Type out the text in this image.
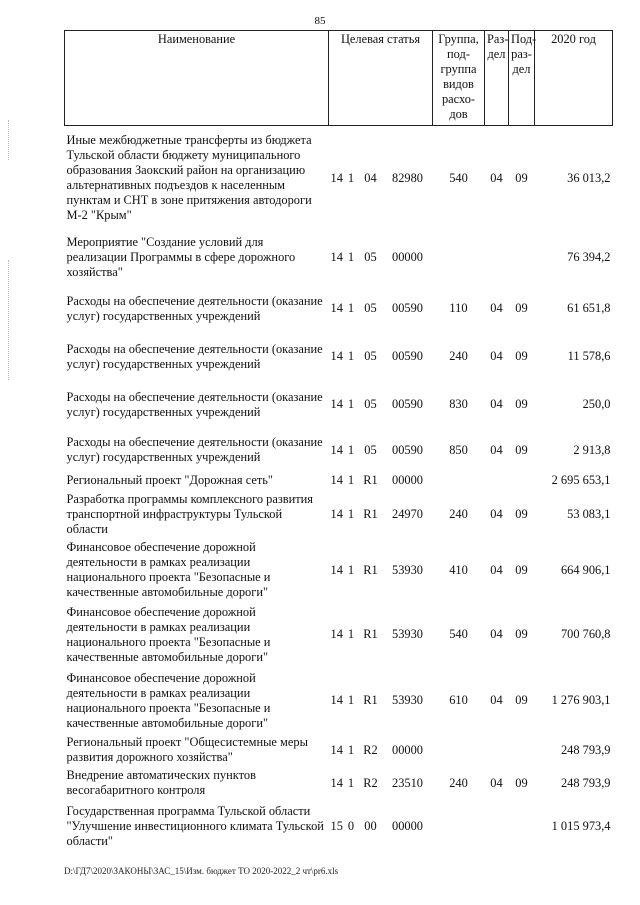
85
Наименование	Целевая статья				Группа, под- группа видов расхо- дов	Раз- дел	Под- раз- дел	2020 год
Иные межбюджетные трансферты из бюджета Тульской области бюджету муниципального образования Заокский район на организацию альтернативных подъездов к населенным пунктам и СНТ в зоне притяжения автодороги М-2 "Крым"	14	1	04	82980	540	04	09	36 013,2
Мероприятие "Создание условий для реализации Программы в сфере дорожного хозяйства"	14	1	05	00000				76 394,2
Расходы на обеспечение деятельности (оказание услуг) государственных учреждений	14	1	05	00590	110	04	09	61 651,8
Расходы на обеспечение деятельности (оказание услуг) государственных учреждений	14	1	05	00590	240	04	09	11 578,6
Расходы на обеспечение деятельности (оказание услуг) государственных учреждений	14	1	05	00590	830	04	09	250,0
Расходы на обеспечение деятельности (оказание услуг) государственных учреждений	14	1	05	00590	850	04	09	2 913,8
Региональный проект "Дорожная сеть"	14	1	R1	00000				2 695 653,1
Разработка программы комплексного развития транспортной инфраструктуры Тульской области	14	1	R1	24970	240	04	09	53 083,1
Финансовое обеспечение дорожной деятельности в рамках реализации национального проекта "Безопасные и качественные автомобильные дороги"	14	1	R1	53930	410	04	09	664 906,1
Финансовое обеспечение дорожной деятельности в рамках реализации национального проекта "Безопасные и качественные автомобильные дороги"	14	1	R1	53930	540	04	09	700 760,8
Финансовое обеспечение дорожной деятельности в рамках реализации национального проекта "Безопасные и качественные автомобильные дороги"	14	1	R1	53930	610	04	09	1 276 903,1
Региональный проект "Общесистемные меры развития дорожного хозяйства"	14	1	R2	00000				248 793,9
Внедрение автоматических пунктов весогабаритного контроля	14	1	R2	23510	240	04	09	248 793,9
Государственная программа Тульской области "Улучшение инвестиционного климата Тульской области"	15	0	00	00000				1 015 973,4
D:\ГД7\2020\ЗАКОНЫ\ЗАС_15\Изм. бюджет ТО 2020-2022_2 чт\pr6.xls
